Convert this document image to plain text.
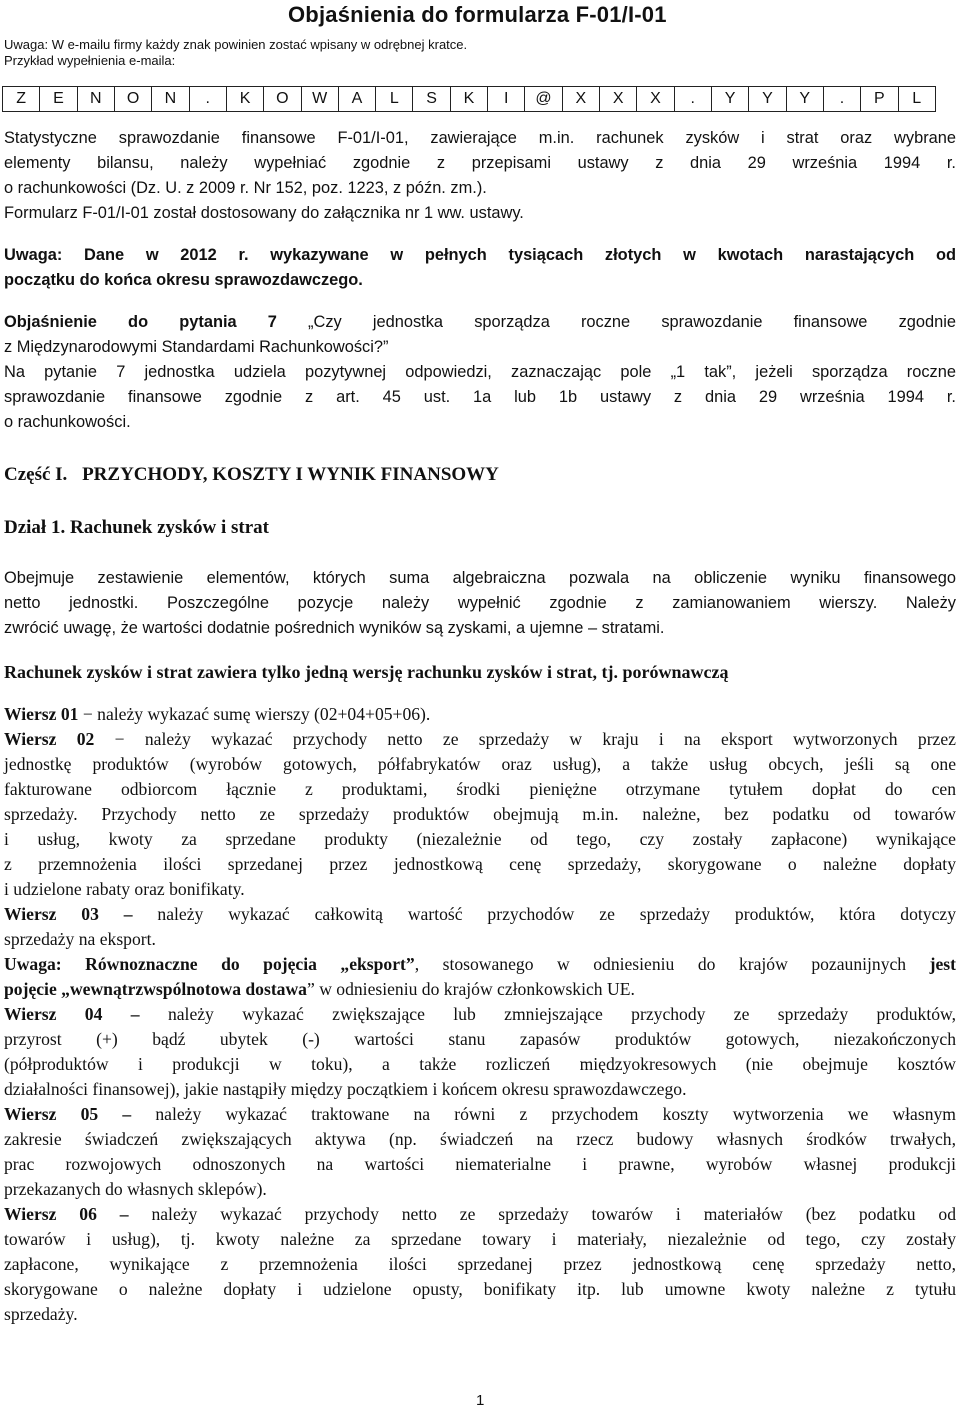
Objaśnienia do formularza F-01/I-01
Uwaga: W e-mailu firmy każdy znak powinien zostać wpisany w odrębnej kratce.
Przykład wypełnienia e-maila:
Z	E	N	O	N	.	K	O	W	A	L	S	K	I	@	X	X	X	.	Y	Y	Y	.	P	L
Statystyczne sprawozdanie finansowe F-01/I-01, zawierające m.in. rachunek zysków i strat oraz wybrane
elementy bilansu, należy wypełniać zgodnie z przepisami ustawy z dnia 29 września 1994 r.
o rachunkowości (Dz. U. z 2009 r. Nr 152, poz. 1223, z późn. zm.).
Formularz F-01/I-01 został dostosowany do załącznika nr 1 ww. ustawy.
Uwaga: Dane w 2012 r. wykazywane w pełnych tysiącach złotych w kwotach narastających od
początku do końca okresu sprawozdawczego.
Objaśnienie do pytania 7 „Czy jednostka sporządza roczne sprawozdanie finansowe zgodnie
z Międzynarodowymi Standardami Rachunkowości?”
Na pytanie 7 jednostka udziela pozytywnej odpowiedzi, zaznaczając pole „1 tak”, jeżeli sporządza roczne
sprawozdanie finansowe zgodnie z art. 45 ust. 1a lub 1b ustawy z dnia 29 września 1994 r.
o rachunkowości.
Część I. PRZYCHODY, KOSZTY I WYNIK FINANSOWY
Dział 1. Rachunek zysków i strat
Obejmuje zestawienie elementów, których suma algebraiczna pozwala na obliczenie wyniku finansowego
netto jednostki. Poszczególne pozycje należy wypełnić zgodnie z zamianowaniem wierszy. Należy
zwrócić uwagę, że wartości dodatnie pośrednich wyników są zyskami, a ujemne – stratami.
Rachunek zysków i strat zawiera tylko jedną wersję rachunku zysków i strat, tj. porównawczą
Wiersz 01 − należy wykazać sumę wierszy (02+04+05+06).
Wiersz 02 − należy wykazać przychody netto ze sprzedaży w kraju i na eksport wytworzonych przez
jednostkę produktów (wyrobów gotowych, półfabrykatów oraz usług), a także usług obcych, jeśli są one
fakturowane odbiorcom łącznie z produktami, środki pieniężne otrzymane tytułem dopłat do cen
sprzedaży. Przychody netto ze sprzedaży produktów obejmują m.in. należne, bez podatku od towarów
i usług, kwoty za sprzedane produkty (niezależnie od tego, czy zostały zapłacone) wynikające
z przemnożenia ilości sprzedanej przez jednostkową cenę sprzedaży, skorygowane o należne dopłaty
i udzielone rabaty oraz bonifikaty.
Wiersz 03 – należy wykazać całkowitą wartość przychodów ze sprzedaży produktów, która dotyczy
sprzedaży na eksport.
Uwaga: Równoznaczne do pojęcia „eksport”, stosowanego w odniesieniu do krajów pozaunijnych jest
pojęcie „wewnątrzwspólnotowa dostawa” w odniesieniu do krajów członkowskich UE.
Wiersz 04 – należy wykazać zwiększające lub zmniejszające przychody ze sprzedaży produktów,
przyrost (+) bądź ubytek (-) wartości stanu zapasów produktów gotowych, niezakończonych
(półproduktów i produkcji w toku), a także rozliczeń międzyokresowych (nie obejmuje kosztów
działalności finansowej), jakie nastąpiły między początkiem i końcem okresu sprawozdawczego.
Wiersz 05 – należy wykazać traktowane na równi z przychodem koszty wytworzenia we własnym
zakresie świadczeń zwiększających aktywa (np. świadczeń na rzecz budowy własnych środków trwałych,
prac rozwojowych odnoszonych na wartości niematerialne i prawne, wyrobów własnej produkcji
przekazanych do własnych sklepów).
Wiersz 06 – należy wykazać przychody netto ze sprzedaży towarów i materiałów (bez podatku od
towarów i usług), tj. kwoty należne za sprzedane towary i materiały, niezależnie od tego, czy zostały
zapłacone, wynikające z przemnożenia ilości sprzedanej przez jednostkową cenę sprzedaży netto,
skorygowane o należne dopłaty i udzielone opusty, bonifikaty itp. lub umowne kwoty należne z tytułu
sprzedaży.
1
